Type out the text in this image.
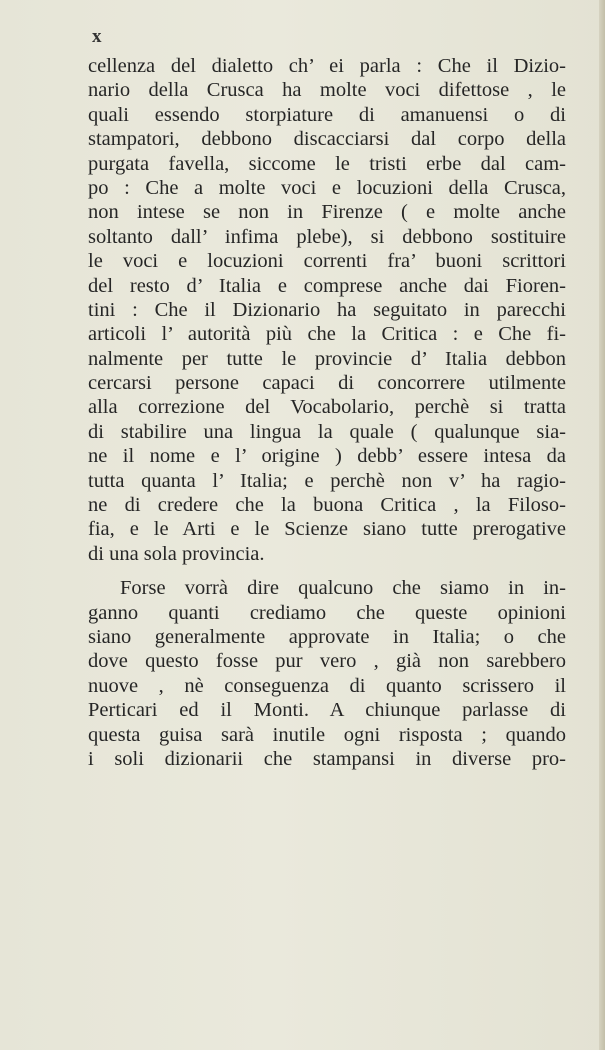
x
cellenza del dialetto ch’ ei parla : Che il Dizio-
nario della Crusca ha molte voci difettose , le
quali essendo storpiature di amanuensi o di
stampatori, debbono discacciarsi dal corpo della
purgata favella, siccome le tristi erbe dal cam-
po : Che a molte voci e locuzioni della Crusca,
non intese se non in Firenze ( e molte anche
soltanto dall’ infima plebe), si debbono sostituire
le voci e locuzioni correnti fra’ buoni scrittori
del resto d’ Italia e comprese anche dai Fioren-
tini : Che il Dizionario ha seguitato in parecchi
articoli l’ autorità più che la Critica : e Che fi-
nalmente per tutte le provincie d’ Italia debbon
cercarsi persone capaci di concorrere utilmente
alla correzione del Vocabolario, perchè si tratta
di stabilire una lingua la quale ( qualunque sia-
ne il nome e l’ origine ) debb’ essere intesa da
tutta quanta l’ Italia; e perchè non v’ ha ragio-
ne di credere che la buona Critica , la Filoso-
fia, e le Arti e le Scienze siano tutte prerogative
di una sola provincia.
Forse vorrà dire qualcuno che siamo in in-
ganno quanti crediamo che queste opinioni
siano generalmente approvate in Italia; o che
dove questo fosse pur vero , già non sarebbero
nuove , nè conseguenza di quanto scrissero il
Perticari ed il Monti. A chiunque parlasse di
questa guisa sarà inutile ogni risposta ; quando
i soli dizionarii che stampansi in diverse pro-
